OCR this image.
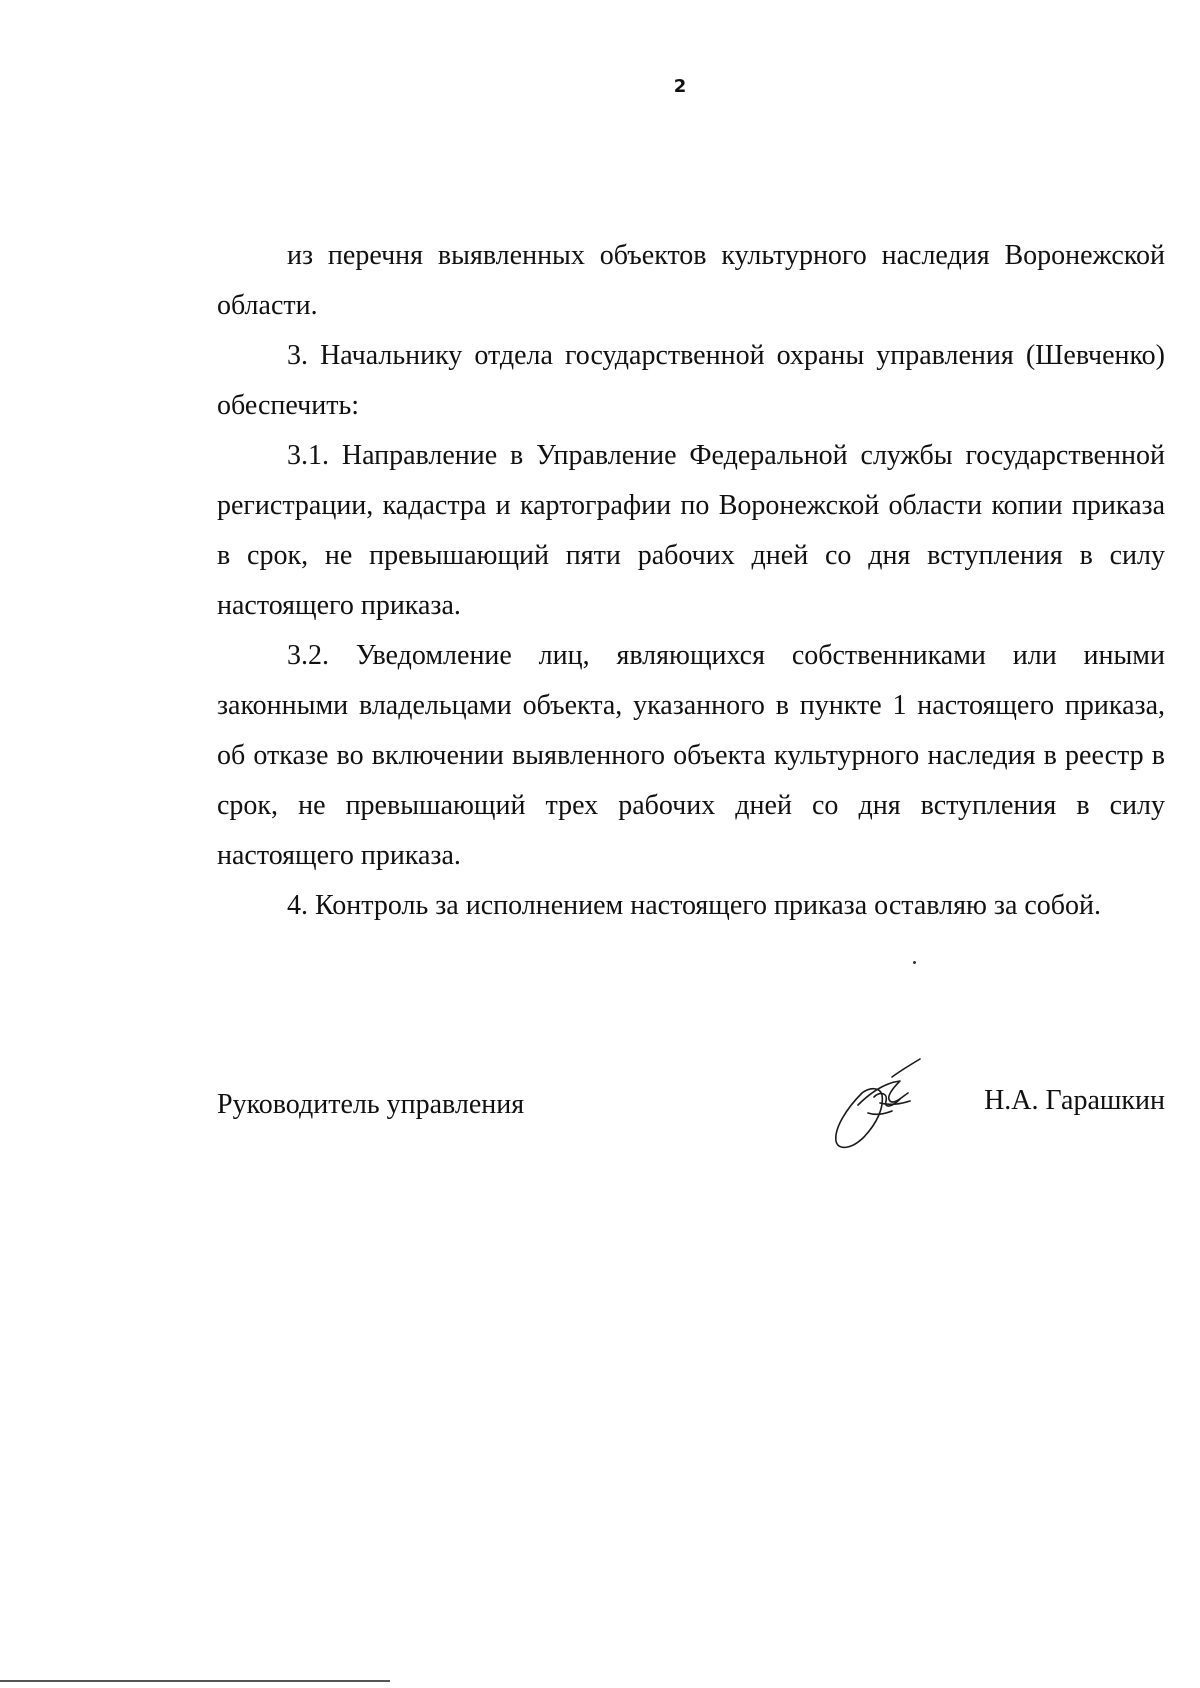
2

из перечня выявленных объектов культурного наследия Воронежской области.

3. Начальнику отдела государственной охраны управления (Шевченко) обеспечить:

3.1. Направление в Управление Федеральной службы государственной регистрации, кадастра и картографии по Воронежской области копии приказа в срок, не превышающий пяти рабочих дней со дня вступления в силу настоящего приказа.

3.2. Уведомление лиц, являющихся собственниками или иными законными владельцами объекта, указанного в пункте 1 настоящего приказа, об отказе во включении выявленного объекта культурного наследия в реестр в срок, не превышающий трех рабочих дней со дня вступления в силу настоящего приказа.

4. Контроль за исполнением настоящего приказа оставляю за собой.

Руководитель управления	Н.А. Гарашкин
